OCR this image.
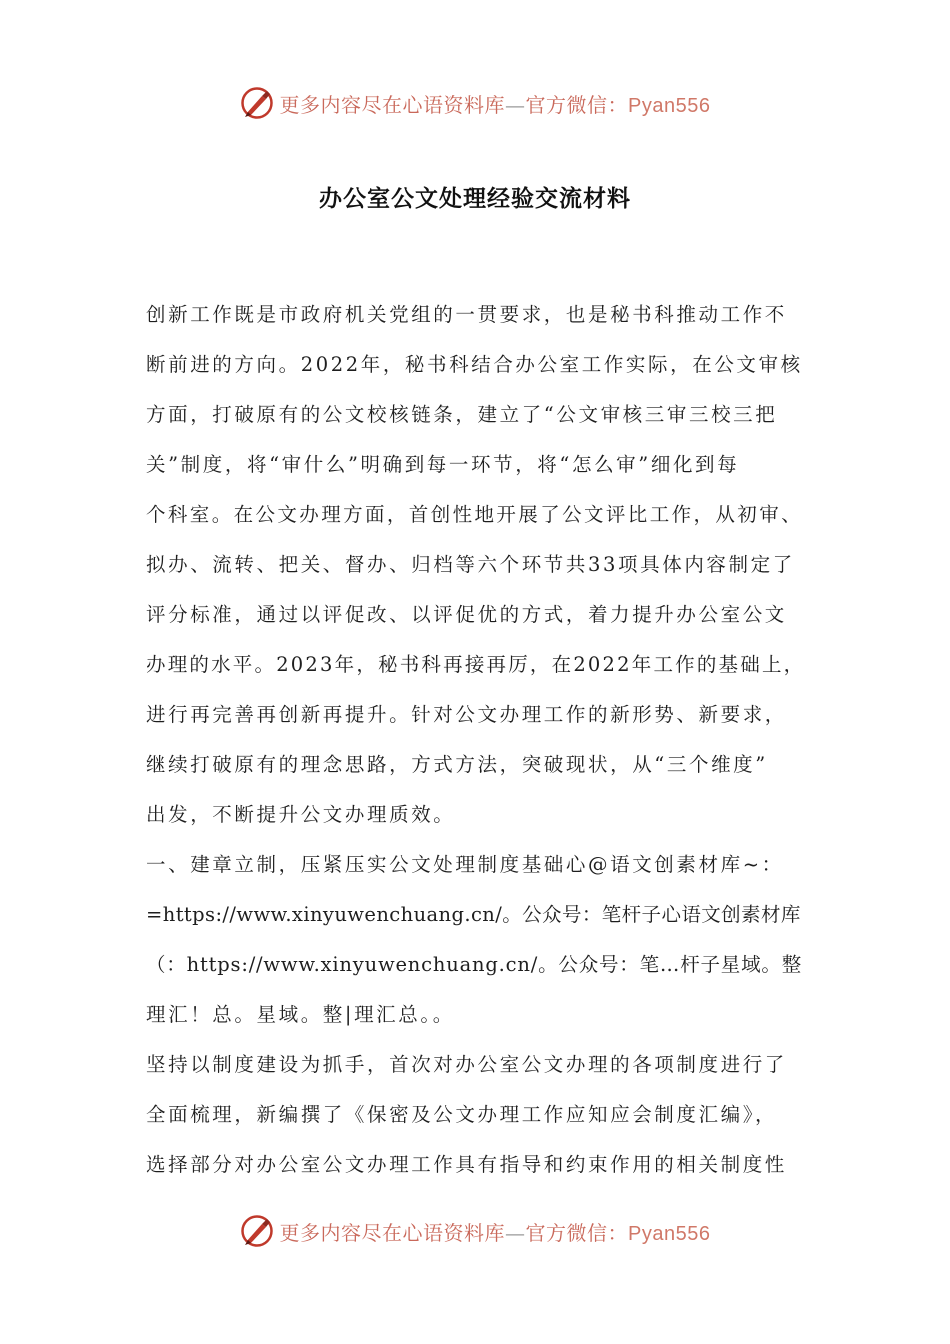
更多内容尽在心语资料库—官方微信：Pyan556
办公室公文处理经验交流材料
创新工作既是市政府机关党组的一贯要求，也是秘书科推动工作不
断前进的方向。2022年，秘书科结合办公室工作实际，在公文审核
方面，打破原有的公文校核链条，建立了“公文审核三审三校三把
关”制度，将“审什么”明确到每一环节，将“怎么审”细化到每
个科室。在公文办理方面，首创性地开展了公文评比工作，从初审、
拟办、流转、把关、督办、归档等六个环节共33项具体内容制定了
评分标准，通过以评促改、以评促优的方式，着力提升办公室公文
办理的水平。2023年，秘书科再接再厉，在2022年工作的基础上，
进行再完善再创新再提升。针对公文办理工作的新形势、新要求，
继续打破原有的理念思路，方式方法，突破现状，从“三个维度”
出发，不断提升公文办理质效。
一、建章立制，压紧压实公文处理制度基础心@语文创素材库~：
=https://www.xinyuwenchuang.cn/。公众号：笔杆子心语文创素材库
（：https://www.xinyuwenchuang.cn/。公众号：笔…杆子星域。整
理汇！总。星域。整|理汇总。。
坚持以制度建设为抓手，首次对办公室公文办理的各项制度进行了
全面梳理，新编撰了《保密及公文办理工作应知应会制度汇编》，
选择部分对办公室公文办理工作具有指导和约束作用的相关制度性
更多内容尽在心语资料库—官方微信：Pyan556
